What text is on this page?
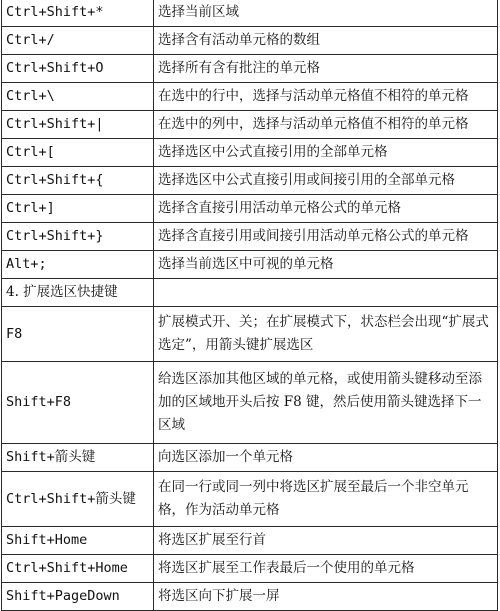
Ctrl+Shift+*	选择当前区域
Ctrl+/	选择含有活动单元格的数组
Ctrl+Shift+O	选择所有含有批注的单元格
Ctrl+\	在选中的行中，选择与活动单元格值不相符的单元格
Ctrl+Shift+|	在选中的列中，选择与活动单元格值不相符的单元格
Ctrl+[	选择选区中公式直接引用的全部单元格
Ctrl+Shift+{	选择选区中公式直接引用或间接引用的全部单元格
Ctrl+]	选择含直接引用活动单元格公式的单元格
Ctrl+Shift+}	选择含直接引用或间接引用活动单元格公式的单元格
Alt+;	选择当前选区中可视的单元格
4. 扩展选区快捷键	
F8	扩展模式开、关；在扩展模式下，状态栏会出现“扩展式选定”，用箭头键扩展选区
Shift+F8	给选区添加其他区域的单元格，或使用箭头键移动至添加的区域地开头后按 F8 键，然后使用箭头键选择下一区域
Shift+箭头键	向选区添加一个单元格
Ctrl+Shift+箭头键	在同一行或同一列中将选区扩展至最后一个非空单元格，作为活动单元格
Shift+Home	将选区扩展至行首
Ctrl+Shift+Home	将选区扩展至工作表最后一个使用的单元格
Shift+PageDown	将选区向下扩展一屏
